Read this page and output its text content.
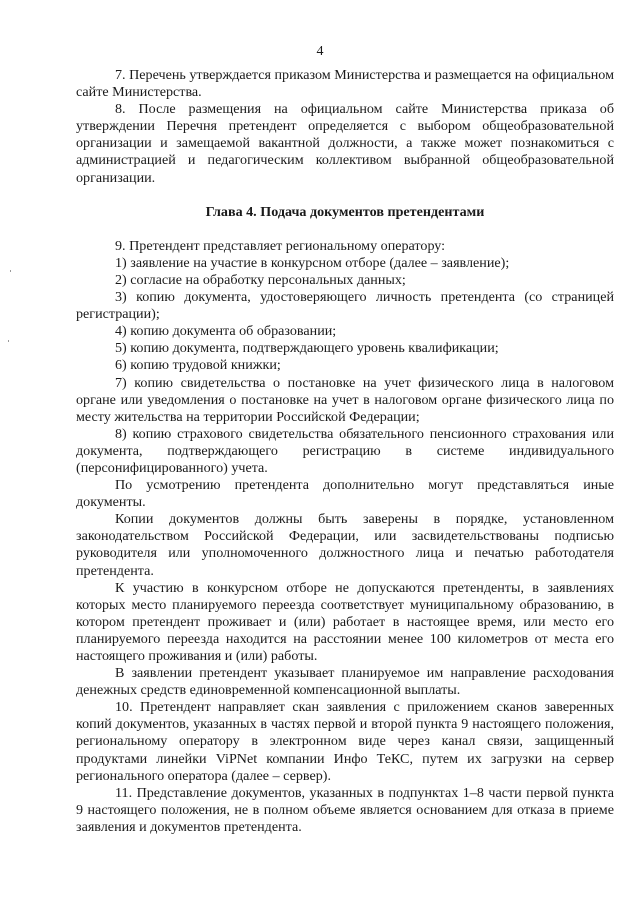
4

7. Перечень утверждается приказом Министерства и размещается на официальном сайте Министерства.

8. После размещения на официальном сайте Министерства приказа об утверждении Перечня претендент определяется с выбором общеобразовательной организации и замещаемой вакантной должности, а также может познакомиться с администрацией и педагогическим коллективом выбранной общеобразовательной организации.

Глава 4. Подача документов претендентами

9. Претендент представляет региональному оператору:

1) заявление на участие в конкурсном отборе (далее – заявление);

2) согласие на обработку персональных данных;

3) копию документа, удостоверяющего личность претендента (со страницей регистрации);

4) копию документа об образовании;

5) копию документа, подтверждающего уровень квалификации;

6) копию трудовой книжки;

7) копию свидетельства о постановке на учет физического лица в налоговом органе или уведомления о постановке на учет в налоговом органе физического лица по месту жительства на территории Российской Федерации;

8) копию страхового свидетельства обязательного пенсионного страхования или документа, подтверждающего регистрацию в системе индивидуального (персонифицированного) учета.

По усмотрению претендента дополнительно могут представляться иные документы.

Копии документов должны быть заверены в порядке, установленном законодательством Российской Федерации, или засвидетельствованы подписью руководителя или уполномоченного должностного лица и печатью работодателя претендента.

К участию в конкурсном отборе не допускаются претенденты, в заявлениях которых место планируемого переезда соответствует муниципальному образованию, в котором претендент проживает и (или) работает в настоящее время, или место его планируемого переезда находится на расстоянии менее 100 километров от места его настоящего проживания и (или) работы.

В заявлении претендент указывает планируемое им направление расходования денежных средств единовременной компенсационной выплаты.

10. Претендент направляет скан заявления с приложением сканов заверенных копий документов, указанных в частях первой и второй пункта 9 настоящего положения, региональному оператору в электронном виде через канал связи, защищенный продуктами линейки ViPNet компании Инфо ТеКС, путем их загрузки на сервер регионального оператора (далее – сервер).

11. Представление документов, указанных в подпунктах 1–8 части первой пункта 9 настоящего положения, не в полном объеме является основанием для отказа в приеме заявления и документов претендента.
